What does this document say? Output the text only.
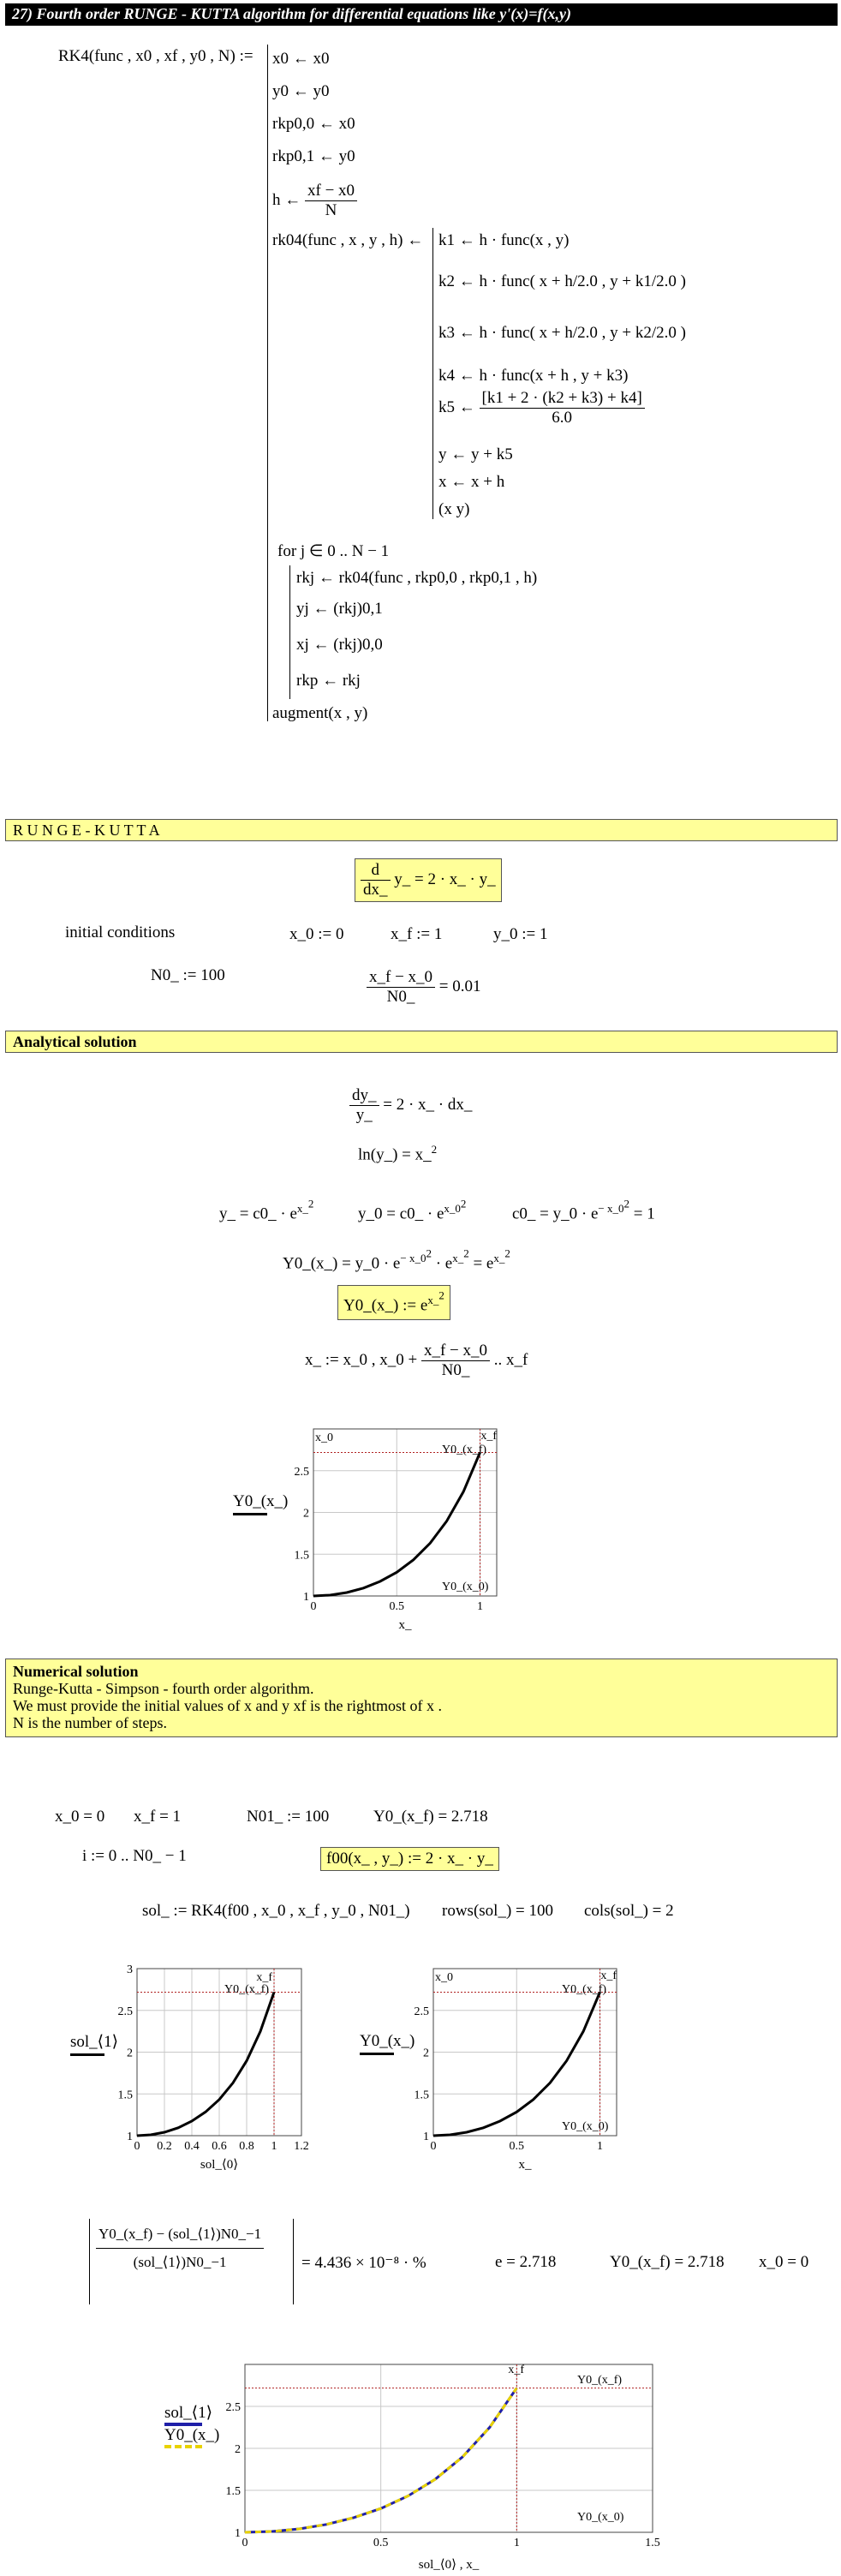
27) Fourth order RUNGE - KUTTA algorithm for differential equations like y'(x)=f(x,y)
RK4(func , x0 , xf , y0 , N) := x0 ← x0
y0 ← y0
rkp0,0 ← x0
rkp0,1 ← y0
h ← $\frac{xf - x0}{N}$
rk04(func , x , y , h) ← k1 ← h · func(x , y)
k2 ← h · func( x + h/2.0 , y + k1/2.0 )
k3 ← h · func( x + h/2.0 , y + k2/2.0 )
k4 ← h · func(x + h , y + k3)
k5 ← $\frac{[k1 + 2 \cdot (k2 + k3) + k4]}{6.0}$
y ← y + k5
x ← x + h
(x y)
for j ∈ 0 .. N − 1
rkj ← rk04(func , rkp0,0 , rkp0,1 , h)
yj ← (rkj)0,1
xj ← (rkj)0,0
rkp ← rkj
augment(x , y)
R U N G E - K U T T A
$\frac{d}{dx\_}$ y_ = 2 · x_ · y_
initial conditions	x_0 := 0	x_f := 1	y_0 := 1
N0_ := 100	$\frac{x\_f - x\_0}{N0\_} = 0.01$
Analytical solution
$\frac{dy\_}{y\_} = 2$ · x_ · dx_
ln(y_) = x_$^2$
y_ = c0_ · $e^{x\_^2}$
y_0 = c0_ · $e^{x\_0^2}$
c0_ = y_0 · $e^{- x\_0^2} = 1$
Y0_(x_) = y_0 · $e^{- x\_0^2} \cdot e^{x\_^2} = e^{x\_^2}$
Y0_(x_) := $e^{x\_^2}$
x_ := x_0 , x_0 + $\frac{x\_f - x\_0}{N0\_}$ .. x_f
Y0_(x_)
0	0.5	1
1
1.5
2
2.5
x_0	x_f
Y0_(x_f)
Y0_(x_0)
x_
Numerical solution
Runge-Kutta - Simpson - fourth order algorithm.
We must provide the initial values of x and y xf is the rightmost of x .
N is the number of steps.
x_0 = 0 x_f = 1	N01_ := 100	Y0_(x_f) = 2.718
i := 0 .. N0_ − 1	f00(x_ , y_) := 2 · x_ · y_
sol_ := RK4(f00 , x_0 , x_f , y_0 , N01_) rows(sol_) = 100 cols(sol_) = 2
sol_⟨1⟩
0 0.2 0.4 0.6 0.8 1 1.2
1
1.5
2
2.5
3
Y0_(x_f)
x_f
sol_⟨0⟩
Y0_(x_)
0	0.5	1
1
1.5
2
2.5
x_0	x_f
Y0_(x_f)
Y0_(x_0)
x_
$\frac{\text{Y0\_(x\_f) − (sol\_⟨1⟩)N0\_−1}}{\text{(sol\_⟨1⟩)N0\_−1}} = 4.436 \times 10^{-8}$ · %	e = 2.718	Y0_(x_f) = 2.718 x_0 = 0
sol_⟨1⟩
Y0_(x_)
0	0.5	1	1.5
1
1.5
2
2.5
x_f
Y0_(x_f)
Y0_(x_0)
sol_⟨0⟩ , x_
